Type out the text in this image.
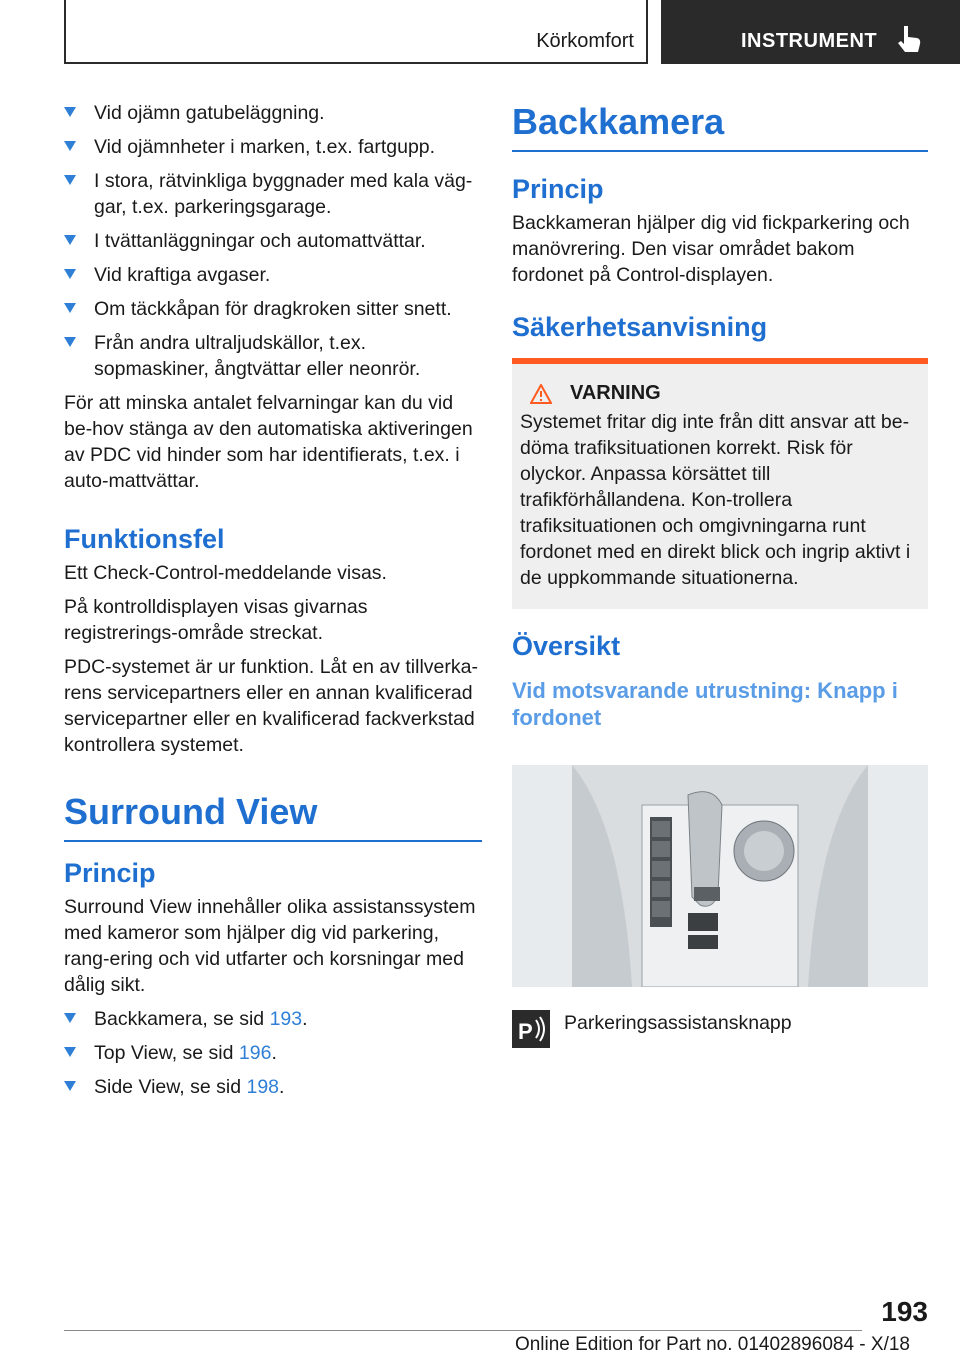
Körkomfort	INSTRUMENT
Vid ojämn gatubeläggning.
Vid ojämnheter i marken, t.ex. fartgupp.
I stora, rätvinkliga byggnader med kala väg‐gar, t.ex. parkeringsgarage.
I tvättanläggningar och automattvättar.
Vid kraftiga avgaser.
Om täckkåpan för dragkroken sitter snett.
Från andra ultraljudskällor, t.ex. sopmaskiner, ångtvättar eller neonrör.

För att minska antalet felvarningar kan du vid be‐hov stänga av den automatiska aktiveringen av PDC vid hinder som har identifierats, t.ex. i auto‐mattvättar.

Funktionsfel

Ett Check-Control-meddelande visas.

På kontrolldisplayen visas givarnas registrerings‐område streckat.

PDC-systemet är ur funktion. Låt en av tillverka‐rens servicepartners eller en annan kvalificerad servicepartner eller en kvalificerad fackverkstad kontrollera systemet.

Surround View
Princip

Surround View innehåller olika assistanssystem med kameror som hjälper dig vid parkering, rang‐ering och vid utfarter och korsningar med dålig sikt.

Backkamera, se sid 193.
Top View, se sid 196.
Side View, se sid 198.
Backkamera
Princip

Backkameran hjälper dig vid fickparkering och manövrering. Den visar området bakom fordonet på Control-displayen.

Säkerhetsanvisning
VARNING
Systemet fritar dig inte från ditt ansvar att be‐döma trafiksituationen korrekt. Risk för olyckor. Anpassa körsättet till trafikförhållandena. Kon‐trollera trafiksituationen och omgivningarna runt fordonet med en direkt blick och ingrip aktivt i de uppkommande situationerna.
Översikt
Vid motsvarande utrustning: Knapp i fordonet
P Parkeringsassistansknapp
193
Online Edition for Part no. 01402896084 - X/18
